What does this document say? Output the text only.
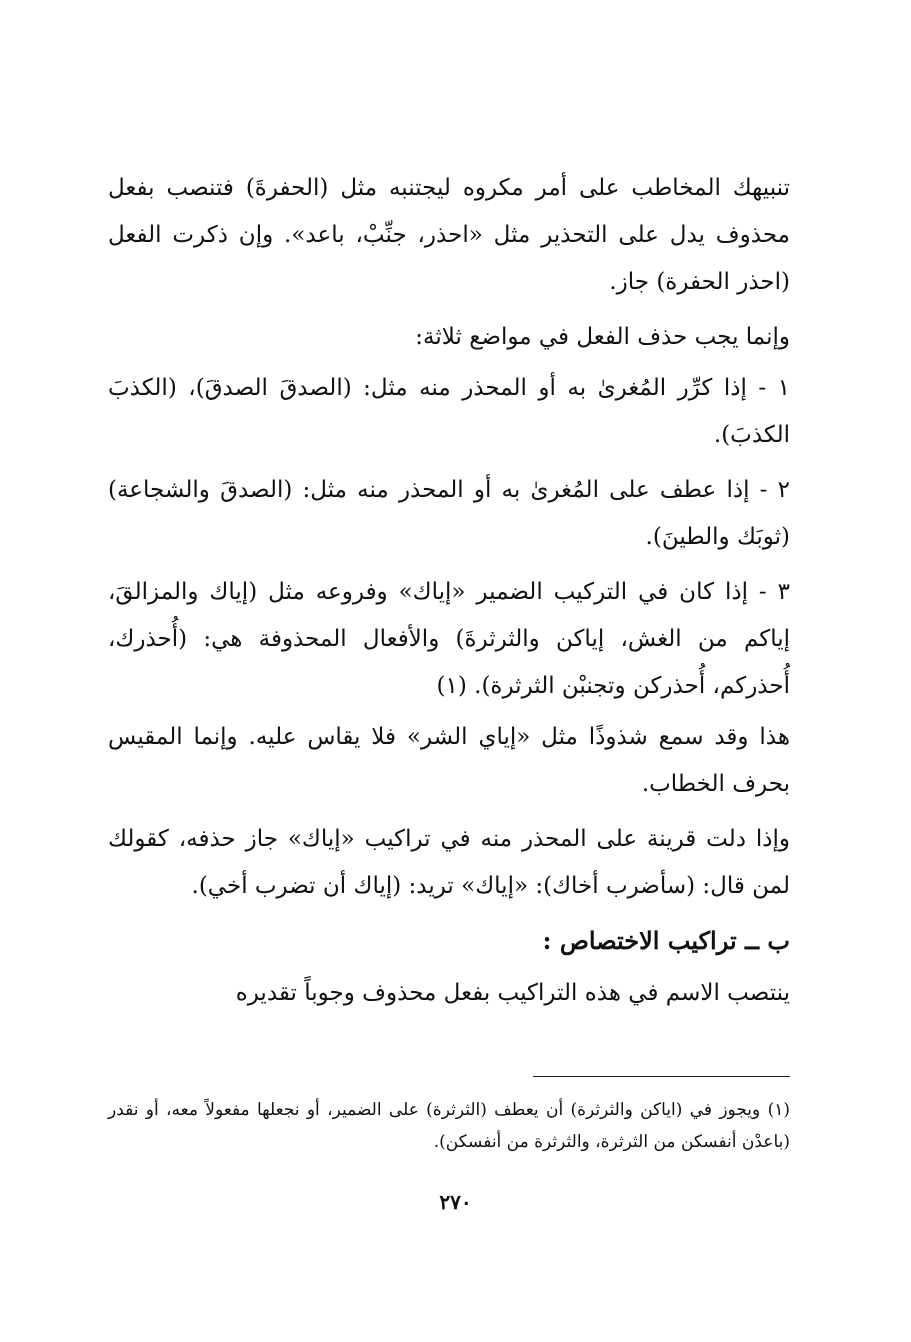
تنبيهك المخاطب على أمر مكروه ليجتنبه مثل (الحفرةَ) فتنصب بفعل محذوف يدل على التحذير مثل «احذر، جنِّبْ، باعد». وإن ذكرت الفعل (احذر الحفرة) جاز.

وإنما يجب حذف الفعل في مواضع ثلاثة:

١ - إذا كرِّر المُغرىٰ به أو المحذر منه مثل: (الصدقَ الصدقَ)، (الكذبَ الكذبَ).

٢ - إذا عطف على المُغرىٰ به أو المحذر منه مثل: (الصدقَ والشجاعة) (ثوبَك والطينَ).

٣ - إذا كان في التركيب الضمير «إياك» وفروعه مثل (إياك والمزالقَ، إياكم من الغش، إياكن والثرثرةَ) والأفعال المحذوفة هي: (أُحذرك، أُحذركم، أُحذركن وتجنبْن الثرثرة). (١)

هذا وقد سمع شذوذًا مثل «إياي الشر» فلا يقاس عليه. وإنما المقيس بحرف الخطاب.

وإذا دلت قرينة على المحذر منه في تراكيب «إياك» جاز حذفه، كقولك لمن قال: (سأضرب أخاك): «إياك» تريد: (إياك أن تضرب أخي).

ب ــ تراكيب الاختصاص :

ينتصب الاسم في هذه التراكيب بفعل محذوف وجوباً تقديره

(١) ويجوز في (اياكن والثرثرة) أن يعطف (الثرثرة) على الضمير، أو نجعلها مفعولاً معه، أو نقدر (باعدْن أنفسكن من الثرثرة، والثرثرة من أنفسكن).
٢٧٠
